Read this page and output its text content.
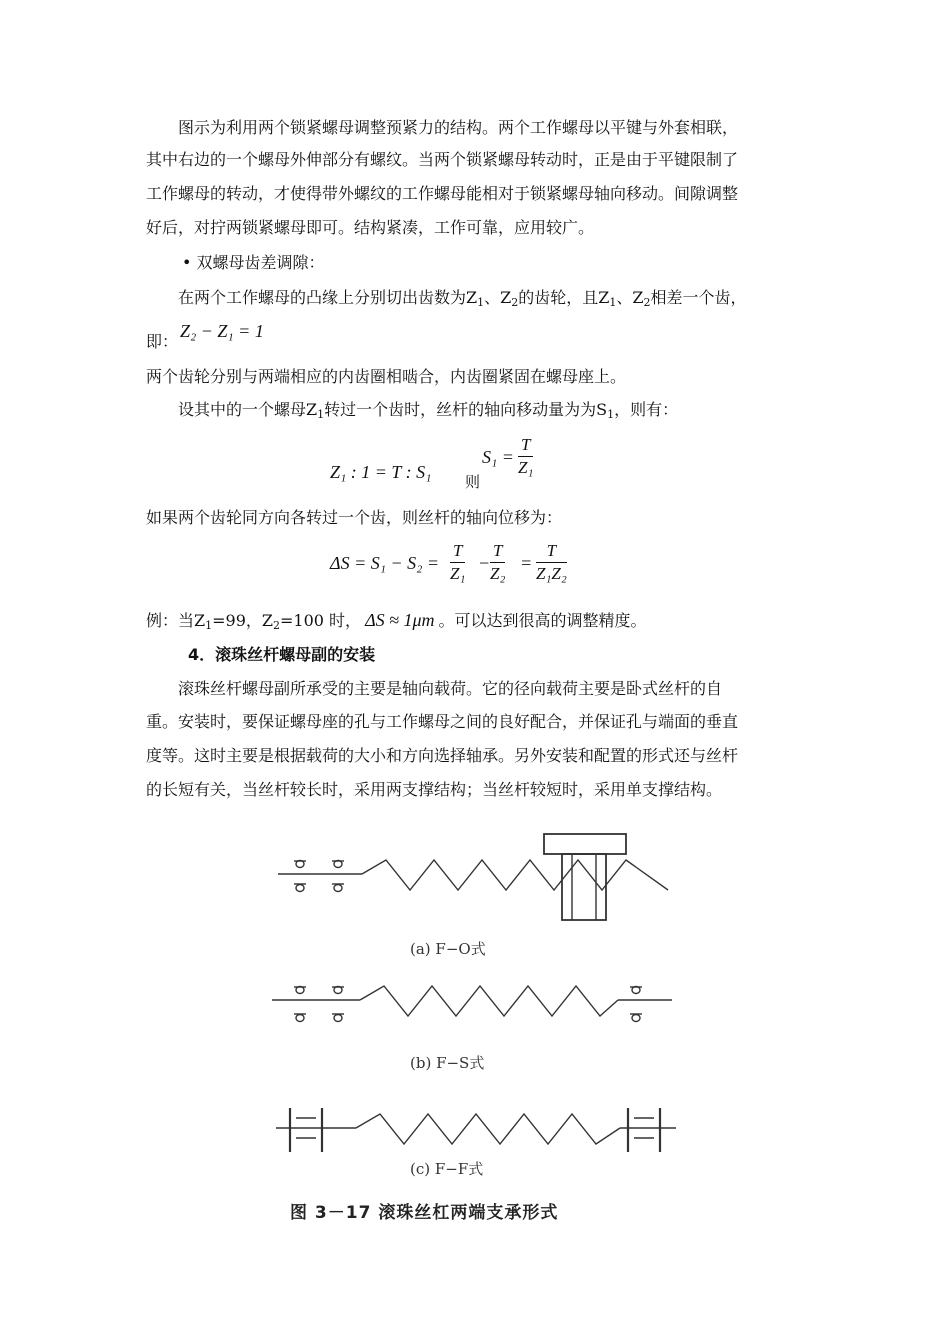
图示为利用两个锁紧螺母调整预紧力的结构。两个工作螺母以平键与外套相联，
其中右边的一个螺母外伸部分有螺纹。当两个锁紧螺母转动时，正是由于平键限制了
工作螺母的转动，才使得带外螺纹的工作螺母能相对于锁紧螺母轴向移动。间隙调整
好后，对拧两锁紧螺母即可。结构紧凑，工作可靠，应用较广。
• 双螺母齿差调隙：
在两个工作螺母的凸缘上分别切出齿数为$Z_1$、$Z_2$的齿轮，且$Z_1$、$Z_2$相差一个齿，
即：
Z₂ − Z₁ = 1
两个齿轮分别与两端相应的内齿圈相啮合，内齿圈紧固在螺母座上。
设其中的一个螺母$Z_1$转过一个齿时，丝杆的轴向移动量为为$S_1$，则有：
Z₁ : 1 = T : S₁ 则
$S_1 = \frac{T}{\text{Z₁}}$
如果两个齿轮同方向各转过一个齿，则丝杆的轴向位移为：
$\Delta S = S_1 - S_2 = \frac{T}{\text{Z₁}} - \frac{T}{\text{Z₂}} = \frac{T}{\text{Z₁Z₂}}$
例：当$Z_1=99$，$Z_2=100$ 时， ΔS ≈ 1μm 。可以达到很高的调整精度。
4．滚珠丝杆螺母副的安装
滚珠丝杆螺母副所承受的主要是轴向载荷。它的径向载荷主要是卧式丝杆的自
重。安装时，要保证螺母座的孔与工作螺母之间的良好配合，并保证孔与端面的垂直
度等。这时主要是根据载荷的大小和方向选择轴承。另外安装和配置的形式还与丝杆
的长短有关，当丝杆较长时，采用两支撑结构；当丝杆较短时，采用单支撑结构。
(a) F−O式
(b) F−S式
(c) F−F式
图 3－17 滚珠丝杠两端支承形式
